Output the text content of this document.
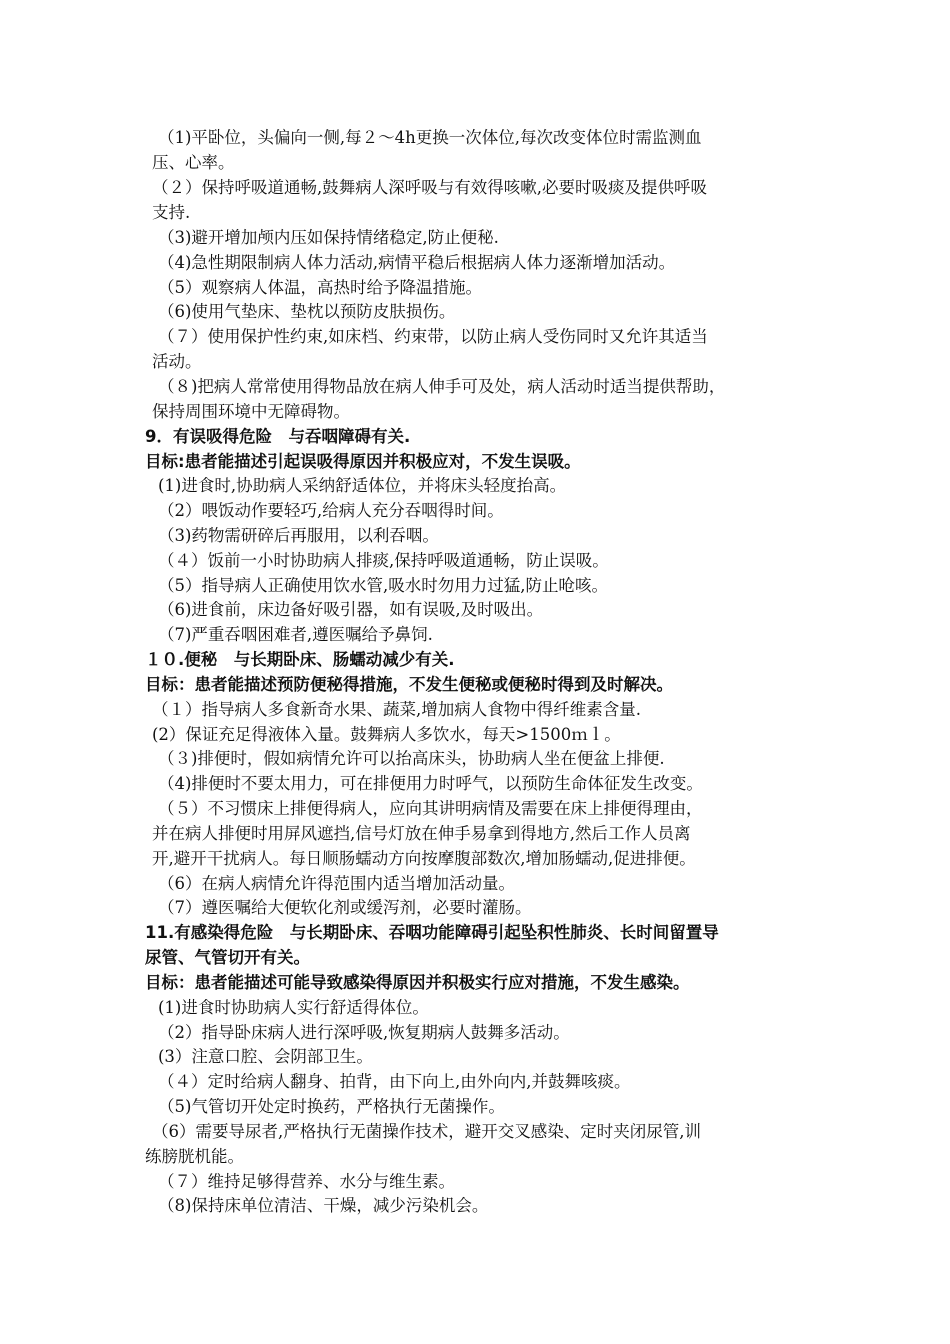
（1)平卧位，头偏向一侧,每２～4h更换一次体位,每次改变体位时需监测血
压、心率。
（２）保持呼吸道通畅,鼓舞病人深呼吸与有效得咳嗽,必要时吸痰及提供呼吸
支持.
（3)避开增加颅内压如保持情绪稳定,防止便秘.
（4)急性期限制病人体力活动,病情平稳后根据病人体力逐渐增加活动。
（5）观察病人体温，高热时给予降温措施。
（6)使用气垫床、垫枕以预防皮肤损伤。
（７）使用保护性约束,如床档、约束带，以防止病人受伤同时又允许其适当
活动。
（８)把病人常常使用得物品放在病人伸手可及处，病人活动时适当提供帮助，
保持周围环境中无障碍物。
9．有误吸得危险　与吞咽障碍有关.
目标:患者能描述引起误吸得原因并积极应对，不发生误吸。
(1)进食时,协助病人采纳舒适体位，并将床头轻度抬高。
（2）喂饭动作要轻巧,给病人充分吞咽得时间。
（3)药物需研碎后再服用，以利吞咽。
（４）饭前一小时协助病人排痰,保持呼吸道通畅，防止误吸。
（5）指导病人正确使用饮水管,吸水时勿用力过猛,防止呛咳。
（6)进食前，床边备好吸引器，如有误吸,及时吸出。
（7)严重吞咽困难者,遵医嘱给予鼻饲.
１０.便秘　与长期卧床、肠蠕动减少有关.
目标：患者能描述预防便秘得措施，不发生便秘或便秘时得到及时解决。
（１）指导病人多食新奇水果、蔬菜,增加病人食物中得纤维素含量.
(2）保证充足得液体入量。鼓舞病人多饮水，每天>1500ｍｌ。
（３)排便时，假如病情允许可以抬高床头，协助病人坐在便盆上排便.
（4)排便时不要太用力，可在排便用力时呼气，以预防生命体征发生改变。
（５）不习惯床上排便得病人，应向其讲明病情及需要在床上排便得理由，
并在病人排便时用屏风遮挡,信号灯放在伸手易拿到得地方,然后工作人员离
开,避开干扰病人。每日顺肠蠕动方向按摩腹部数次,增加肠蠕动,促进排便。
（6）在病人病情允许得范围内适当增加活动量。
（7）遵医嘱给大便软化剂或缓泻剂，必要时灌肠。
11.有感染得危险　与长期卧床、吞咽功能障碍引起坠积性肺炎、长时间留置导
尿管、气管切开有关。
目标：患者能描述可能导致感染得原因并积极实行应对措施，不发生感染。
(1)进食时协助病人实行舒适得体位。
（2）指导卧床病人进行深呼吸,恢复期病人鼓舞多活动。
(3）注意口腔、会阴部卫生。
（４）定时给病人翻身、拍背，由下向上,由外向内,并鼓舞咳痰。
（5)气管切开处定时换药，严格执行无菌操作。
（6）需要导尿者,严格执行无菌操作技术，避开交叉感染、定时夹闭尿管,训
练膀胱机能。
（７）维持足够得营养、水分与维生素。
（8)保持床单位清洁、干燥，减少污染机会。
